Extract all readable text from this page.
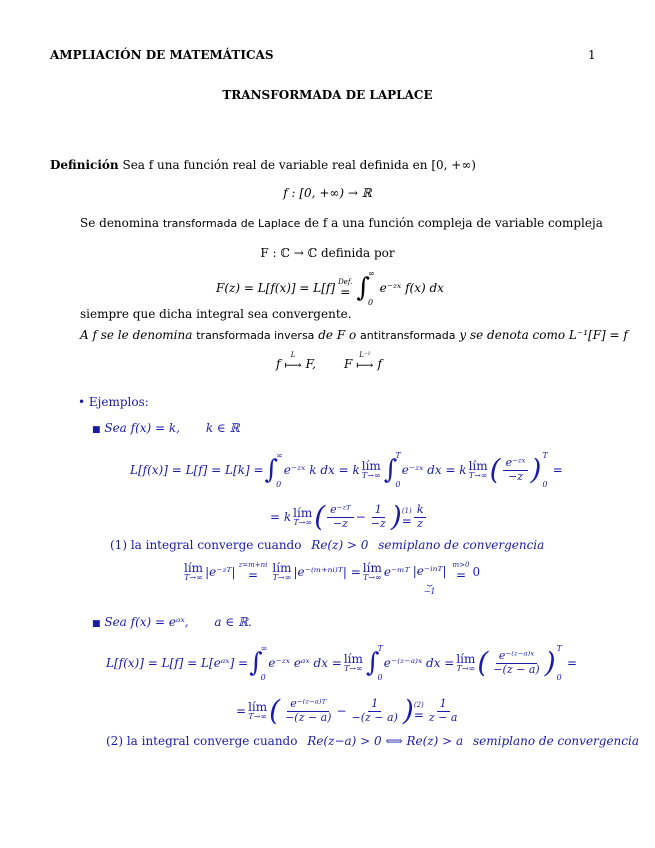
AMPLIACIÓN DE MATEMÁTICAS	1
TRANSFORMADA DE LAPLACE
Definición Sea f una función real de variable real definida en [0, +∞)
f : [0, +∞) → ℝ
Se denomina transformada de Laplace de f a una función compleja de variable compleja
F : ℂ → ℂ definida por
F(z) = L[f(x)] = L[f] Def.
= ∫
∞
0
e⁻ᶻˣ f(x) dx
siempre que dicha integral sea convergente.
A f se le denomina transformada inversa de F o antitransformada y se denota como L⁻¹[F] = f
f
L
⟼ F, F
L⁻¹
⟼ f
• Ejemplos:
■ Sea f(x) = k, k ∈ ℝ
L[f(x)] = L[f] = L[k] = ∫
∞
0
e⁻ᶻˣ k dx = k lím
T→∞ ∫
T
0
e⁻ᶻˣ dx = k lím
T→∞ ( $\frac{\text{e⁻ᶻˣ}}{-z}$ ) T
0
=
= k lím
T→∞ ( $\frac{\text{e⁻ᶻᵀ}}{-z} - \frac{1}{-z}$ ) (1)
= $\frac{k}{z}$
(1) la integral converge cuando Re(z) > 0 semiplano de convergencia
lím
T→∞ |e⁻ᶻᵀ| z=m+ni
= lím
T→∞ |e⁻⁽ᵐ⁺ⁿⁱ⁾ᵀ| = lím
T→∞ e⁻ᵐᵀ |e⁻ⁱⁿᵀ|
⏟
−1
m>0
= 0
■ Sea f(x) = eᵃˣ, a ∈ ℝ.
L[f(x)] = L[f] = L[eᵃˣ] = ∫
∞
0
e⁻ᶻˣ eᵃˣ dx = lím
T→∞ ∫
T
0
e⁻⁽ᶻ⁻ᵃ⁾ˣ dx = lím
T→∞ ( $\frac{\text{e⁻⁽ᶻ⁻ᵃ⁾ˣ}}{-(z - a)}$ ) T
0
=
= lím
T→∞ ( $\frac{\text{e⁻⁽ᶻ⁻ᵃ⁾ᵀ}}{-(z - a)} - \frac{1}{-(z - a)}$ ) (2)
= $\frac{1}{z - a}$
(2) la integral converge cuando Re(z−a) > 0 ⟺ Re(z) > a semiplano de convergencia
